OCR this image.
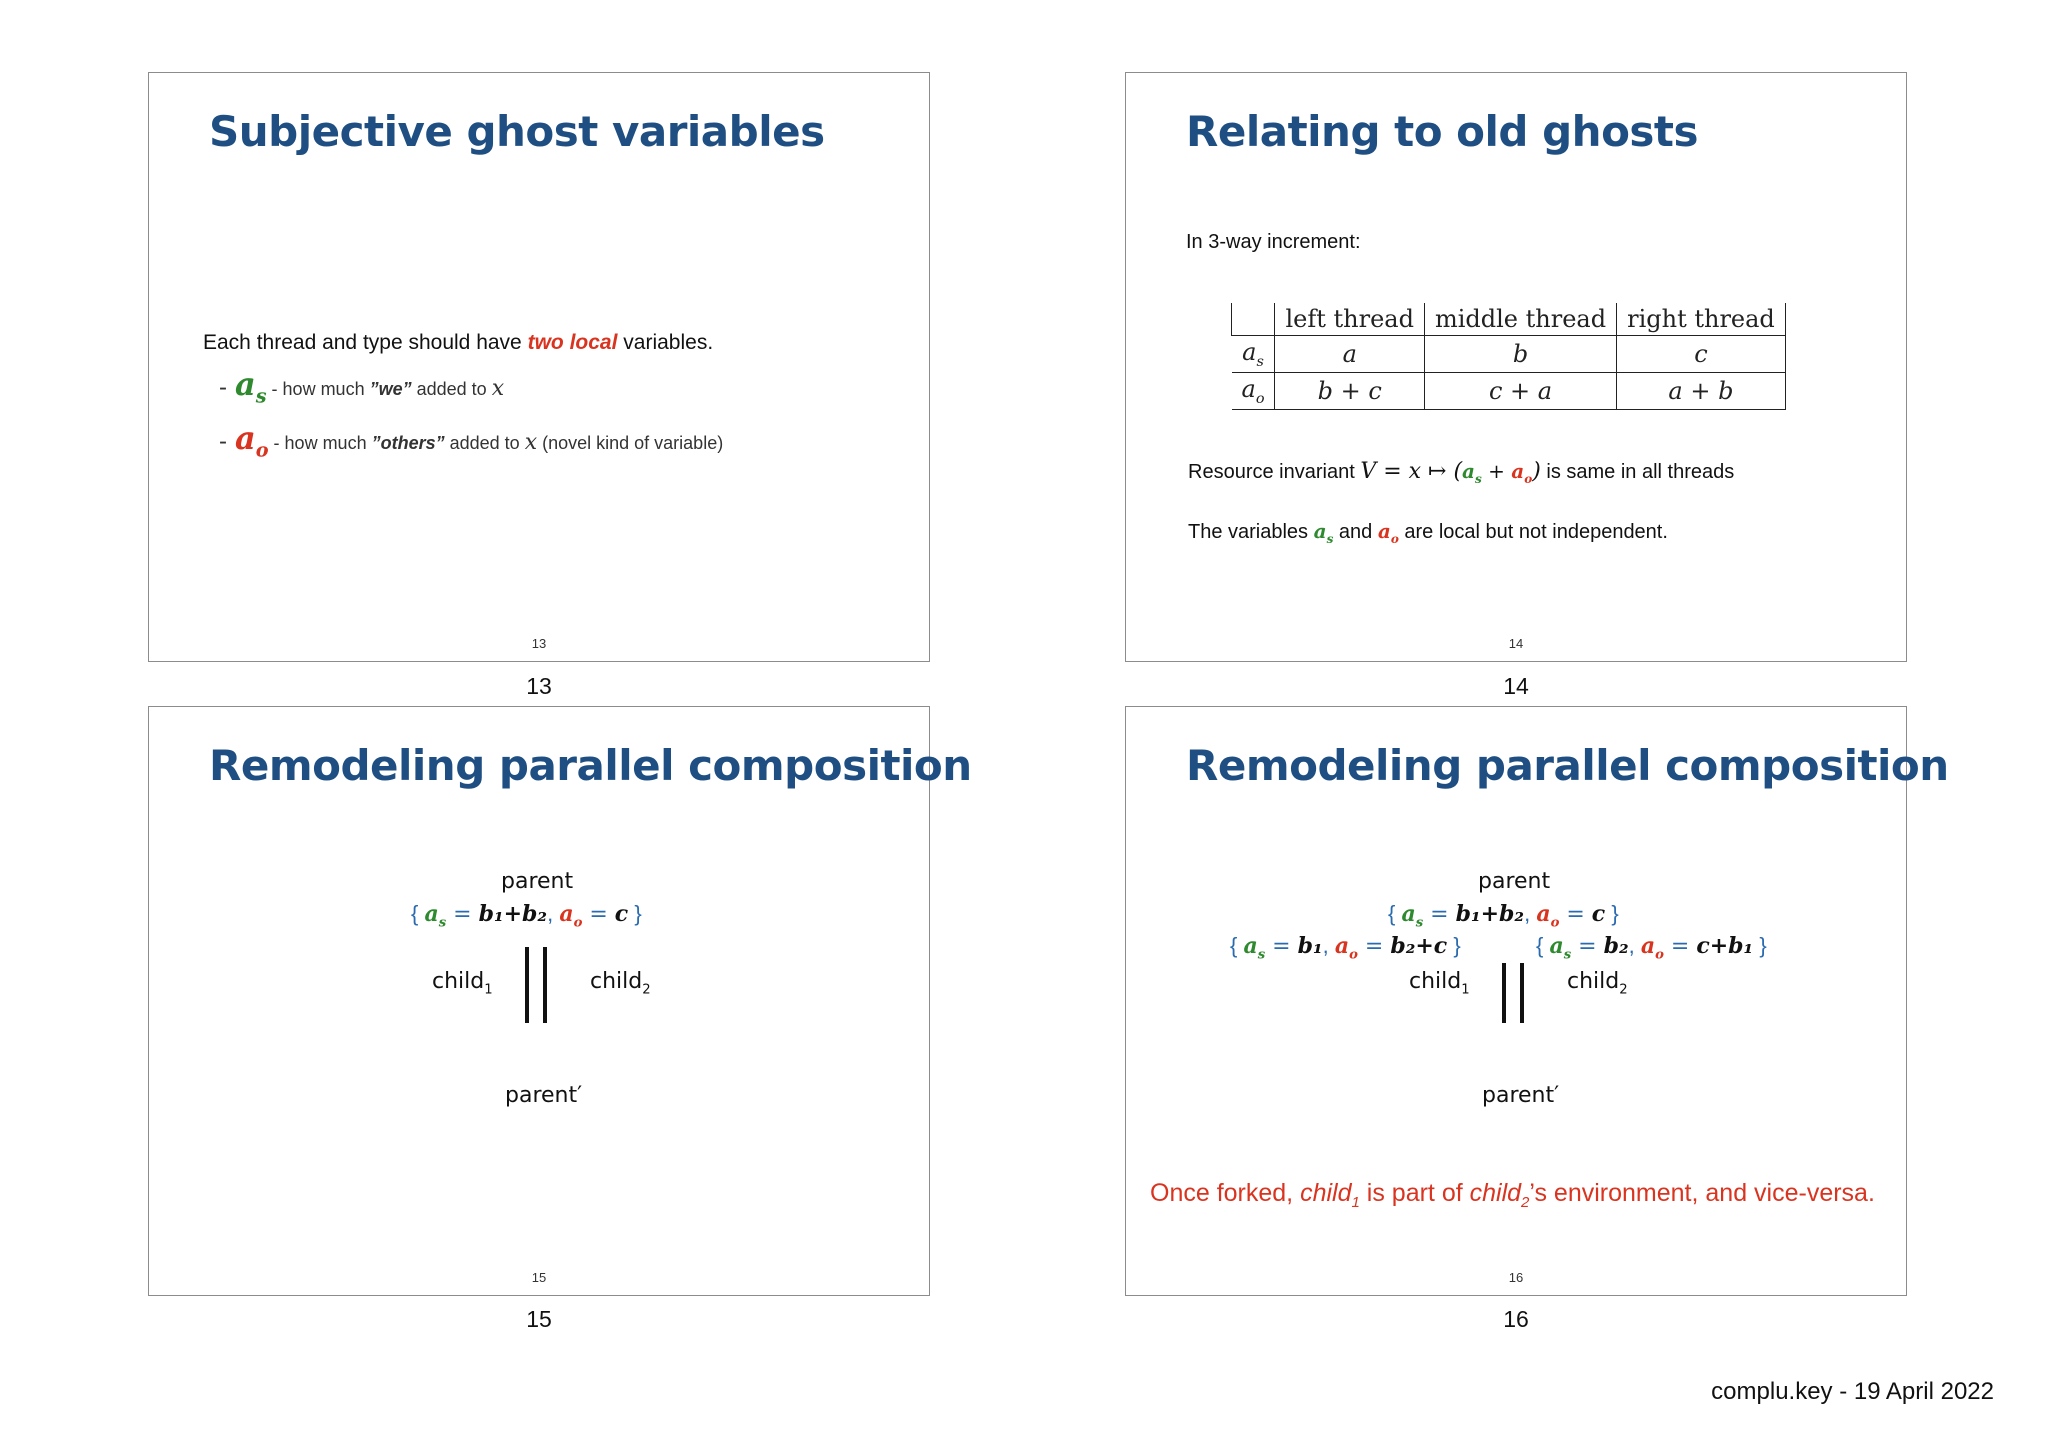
Subjective ghost variables
Each thread and type should have two local variables.
- $a_s$ - how much ”we” added to x
- $a_o$ - how much ”others” added to x (novel kind of variable)
13
13
Relating to old ghosts
In 3-way increment:
	left thread	middle thread	right thread
$a_s$	a	b	c
$a_o$	b + c	c + a	a + b
Resource invariant V = x ↦ $(a_s + a_o)$ is same in all threads
The variables $a_s$ and $a_o$ are local but not independent.
14
14
Remodeling parallel composition
parent
{ $a_s = b_1+b_2$, $a_o = c$ }
child$_1$	child$_2$
parent′
15
15
Remodeling parallel composition
parent
{ $a_s = b_1+b_2$, $a_o = c$ }
{ $a_s = b_1$, $a_o = b_2+c$ }	{ $a_s = b_2$, $a_o = c+b_1$ }
child$_1$	child$_2$
parent′
Once forked, child$_1$ is part of child$_2$’s environment, and vice-versa.
16
16
complu.key - 19 April 2022
